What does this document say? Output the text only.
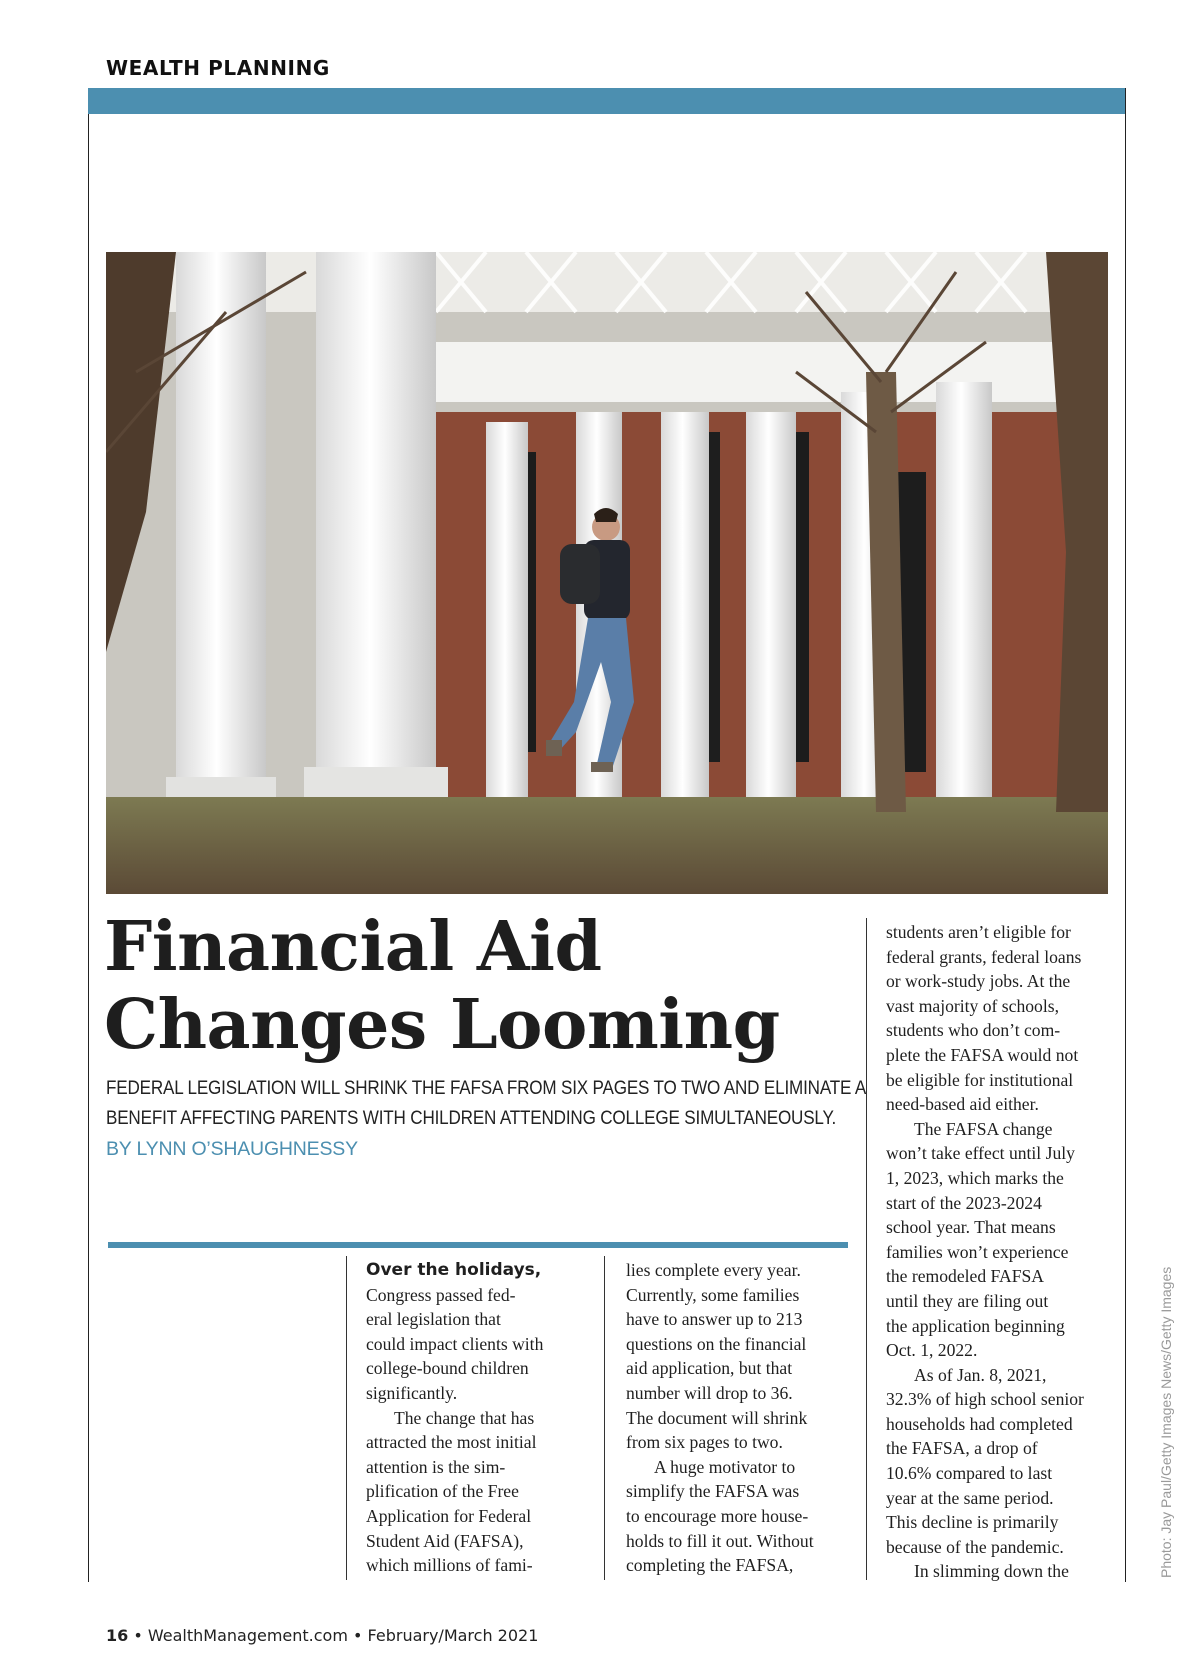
WEALTH PLANNING
Financial Aid
Changes Looming
FEDERAL LEGISLATION WILL SHRINK THE FAFSA FROM SIX PAGES TO TWO AND ELIMINATE A
BENEFIT AFFECTING PARENTS WITH CHILDREN ATTENDING COLLEGE SIMULTANEOUSLY.
BY LYNN O’SHAUGHNESSY
Over the holidays,
Congress passed fed-
eral legislation that
could impact clients with
college-bound children
significantly.
The change that has
attracted the most initial
attention is the sim-
plification of the Free
Application for Federal
Student Aid (FAFSA),
which millions of fami-
lies complete every year.
Currently, some families
have to answer up to 213
questions on the financial
aid application, but that
number will drop to 36.
The document will shrink
from six pages to two.
A huge motivator to
simplify the FAFSA was
to encourage more house-
holds to fill it out. Without
completing the FAFSA,
students aren’t eligible for
federal grants, federal loans
or work-study jobs. At the
vast majority of schools,
students who don’t com-
plete the FAFSA would not
be eligible for institutional
need-based aid either.
The FAFSA change
won’t take effect until July
1, 2023, which marks the
start of the 2023-2024
school year. That means
families won’t experience
the remodeled FAFSA
until they are filing out
the application beginning
Oct. 1, 2022.
As of Jan. 8, 2021,
32.3% of high school senior
households had completed
the FAFSA, a drop of
10.6% compared to last
year at the same period.
This decline is primarily
because of the pandemic.
In slimming down the	Photo: Jay Paul/Getty Images News/Getty Images
16 • WealthManagement.com • February/March 2021
